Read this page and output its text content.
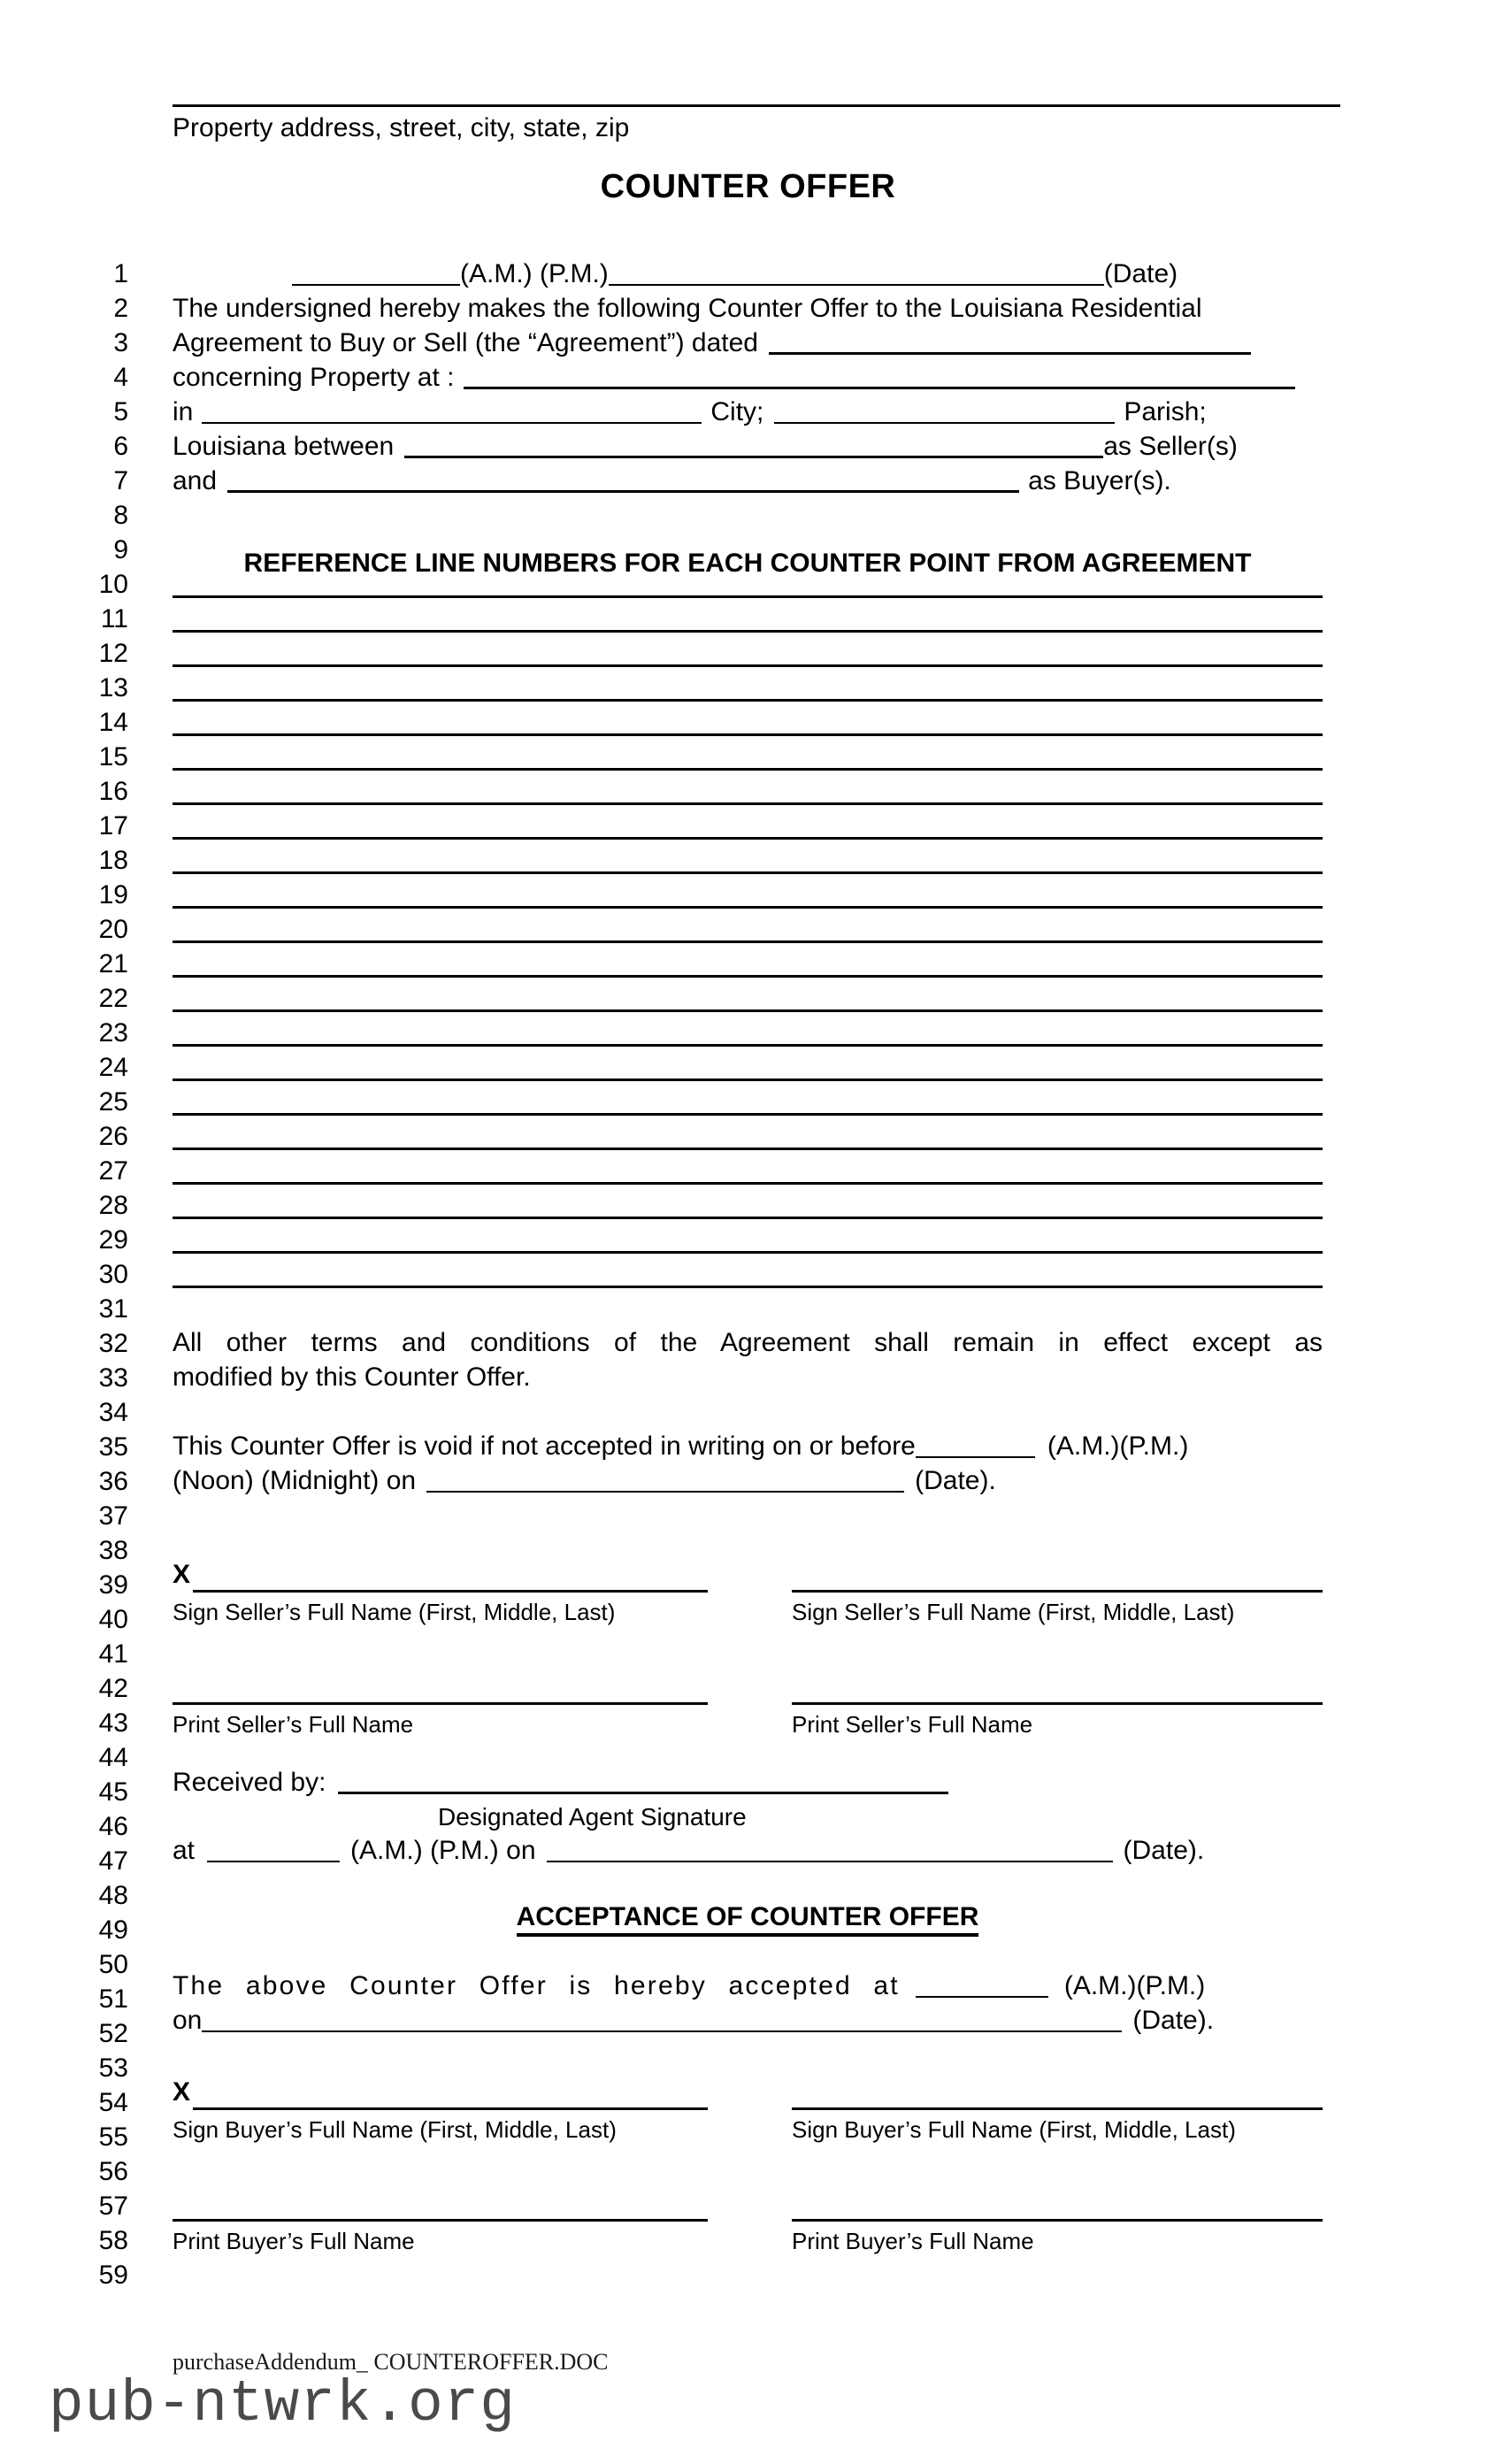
Property address, street, city, state, zip
COUNTER OFFER
1
2
3
4
5
6
7
8
9
10
11
12
13
14
15
16
17
18
19
20
21
22
23
24
25
26
27
28
29
30
31
32
33
34
35
36
37
38
39
40
41
42
43
44
45
46
47
48
49
50
51
52
53
54
55
56
57
58
59
(A.M.) (P.M.)	(Date)
The undersigned hereby makes the following Counter Offer to the Louisiana Residential
Agreement to Buy or Sell (the “Agreement”) dated
concerning Property at :
in	City;	Parish;
Louisiana between	as Seller(s)
and	as Buyer(s).
REFERENCE LINE NUMBERS FOR EACH COUNTER POINT FROM AGREEMENT
All other terms and conditions of the Agreement shall remain in effect except as
modified by this Counter Offer.
This Counter Offer is void if not accepted in writing on or before	(A.M.)(P.M.)
(Noon) (Midnight) on	(Date).
X
Sign Seller’s Full Name (First, Middle, Last)	Sign Seller’s Full Name (First, Middle, Last)
Print Seller’s Full Name	Print Seller’s Full Name
Received by:
Designated Agent Signature
at	(A.M.) (P.M.) on	(Date).
ACCEPTANCE OF COUNTER OFFER
The above Counter Offer is hereby accepted at	(A.M.)(P.M.)
on	(Date).
X
Sign Buyer’s Full Name (First, Middle, Last)	Sign Buyer’s Full Name (First, Middle, Last)
Print Buyer’s Full Name	Print Buyer’s Full Name
purchaseAddendum_ COUNTEROFFER.DOC
pub-ntwrk.org
